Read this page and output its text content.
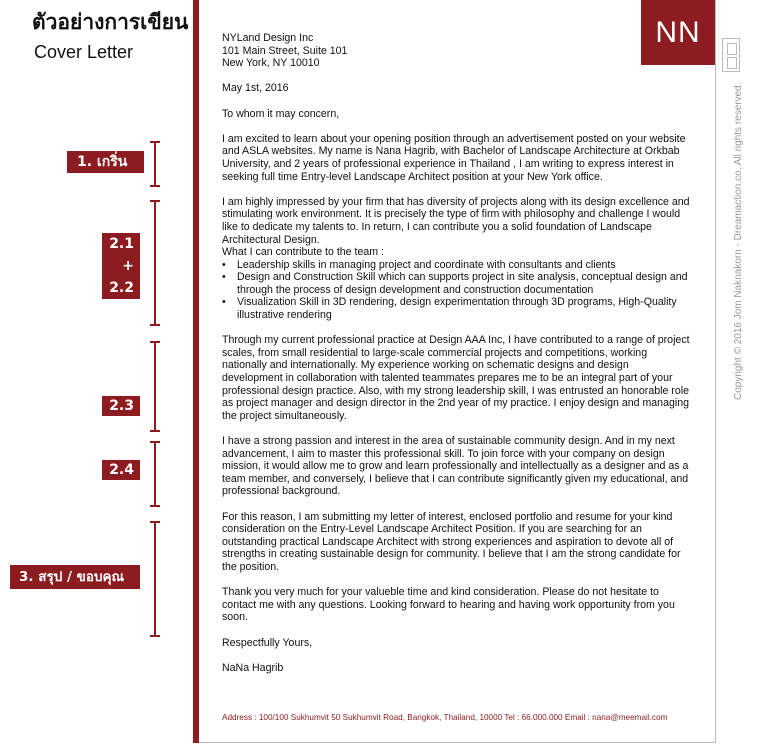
ตัวอย่างการเขียน
Cover Letter
1. เกริ่นนำ
2.1
+
2.2
2.3
2.4
3. สรุป / ขอบคุณ
NN

NYLand Design Inc

101 Main Street, Suite 101

New York, NY 10010

May 1st, 2016

To whom it may concern,

I am excited to learn about your opening position through an advertisement posted on your website and ASLA websites. My name is Nana Hagrib, with Bachelor of Landscape Architecture at Orkbab University, and 2 years of professional experience in Thailand , I am writing to express interest in seeking full time Entry-level Landscape Architect position at your New York office.

I am highly impressed by your firm that has diversity of projects along with its design excellence and stimulating work environment. It is precisely the type of firm with philosophy and challenge I would like to dedicate my talents to. In return, I can contribute you a solid foundation of Landscape Architectural Design.

What I can contribute to the team :

• Leadership skills in managing project and coordinate with consultants and clients
• Design and Construction Skill which can supports project in site analysis, conceptual design and through the process of design development and construction documentation
• Visualization Skill in 3D rendering, design experimentation through 3D programs, High-Quality illustrative rendering

Through my current professional practice at Design AAA Inc, I have contributed to a range of project scales, from small residential to large-scale commercial projects and competitions, working nationally and internationally. My experience working on schematic designs and design development in collaboration with talented teammates prepares me to be an integral part of your professional design practice. Also, with my strong leadership skill, I was entrusted an honorable role as project manager and design director in the 2nd year of my practice. I enjoy design and managing the project simultaneously.

I have a strong passion and interest in the area of sustainable community design. And in my next advancement, I aim to master this professional skill. To join force with your company on design mission, it would allow me to grow and learn professionally and intellectually as a designer and as a team member, and conversely, I believe that I can contribute significantly given my educational, and professional background.

For this reason, I am submitting my letter of interest, enclosed portfolio and resume for your kind consideration on the Entry-Level Landscape Architect Position. If you are searching for an outstanding practical Landscape Architect with strong experiences and aspiration to devote all of strengths in creating sustainable design for community. I believe that I am the strong candidate for the position.

Thank you very much for your valueble time and kind consideration. Please do not hesitate to contact me with any questions. Looking forward to hearing and having work opportunity from you soon.

Respectfully Yours,

NaNa Hagrib

Address : 100/100 Sukhumvit 50 Sukhumvit Road, Bangkok, Thailand, 10000 Tel : 66.000.000 Email : nana@meemail.com
Copyright © 2016 Jom Naknakorn - Dreamaction.co, All rights reserved.
